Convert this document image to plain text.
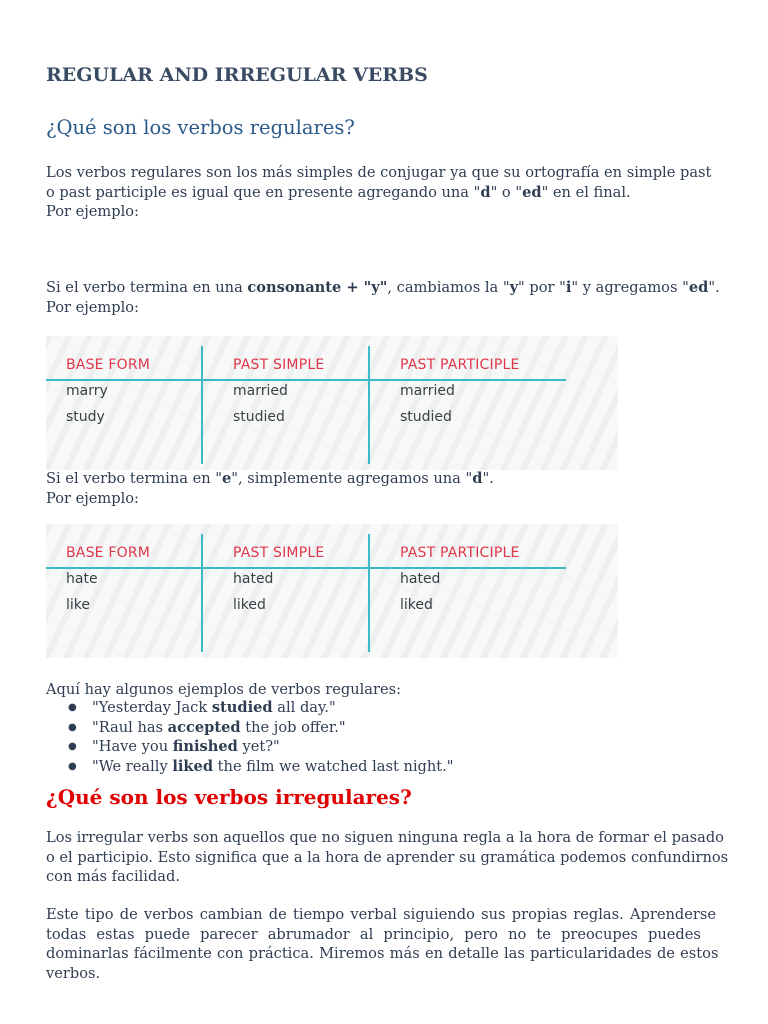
REGULAR AND IRREGULAR VERBS
¿Qué son los verbos regulares?
Los verbos regulares son los más simples de conjugar ya que su ortografía en simple past
o past participle es igual que en presente agregando una "d" o "ed" en el final.
Por ejemplo:
Si el verbo termina en una consonante + "y", cambiamos la "y" por "i" y agregamos "ed".
Por ejemplo:
BASE FORM	PAST SIMPLE	PAST PARTICIPLE
marry	married	married
study	studied	studied
Si el verbo termina en "e", simplemente agregamos una "d".
Por ejemplo:
BASE FORM	PAST SIMPLE	PAST PARTICIPLE
hate	hated	hated
like	liked	liked
Aquí hay algunos ejemplos de verbos regulares:
● "Yesterday Jack studied all day."
● "Raul has accepted the job offer."
● "Have you finished yet?"
● "We really liked the film we watched last night."
¿Qué son los verbos irregulares?
Los irregular verbs son aquellos que no siguen ninguna regla a la hora de formar el pasado
o el participio. Esto significa que a la hora de aprender su gramática podemos confundirnos
con más facilidad.
Este tipo de verbos cambian de tiempo verbal siguiendo sus propias reglas. Aprenderse
todas estas puede parecer abrumador al principio, pero no te preocupes puedes
dominarlas fácilmente con práctica. Miremos más en detalle las particularidades de estos
verbos.
